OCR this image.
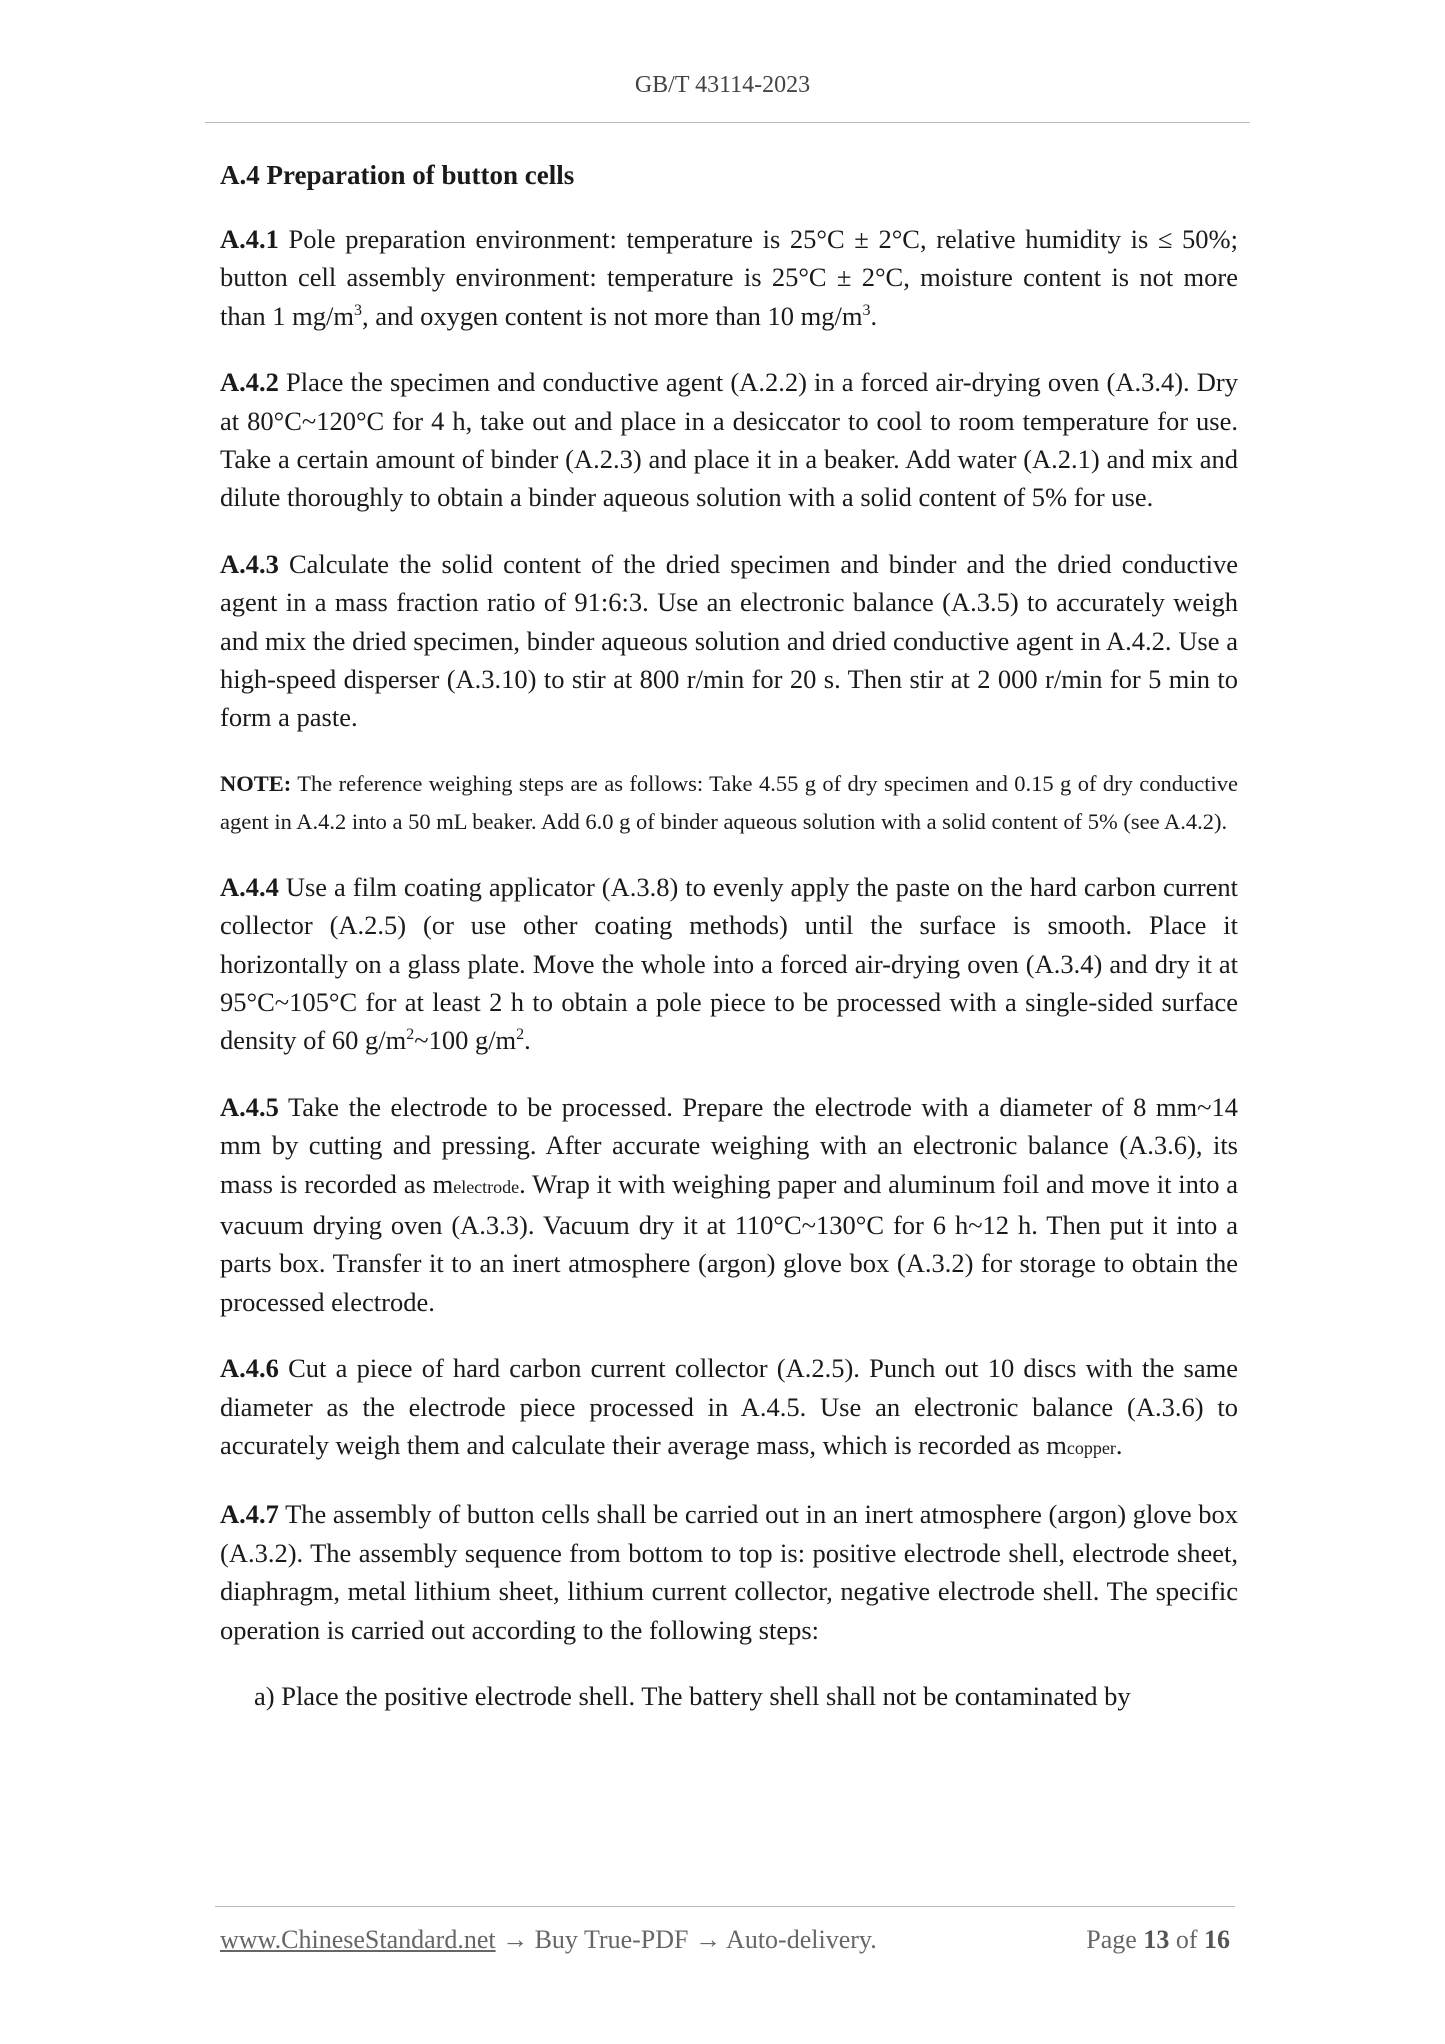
GB/T 43114-2023
A.4 Preparation of button cells

A.4.1 Pole preparation environment: temperature is 25°C ± 2°C, relative humidity is ≤ 50%; button cell assembly environment: temperature is 25°C ± 2°C, moisture content is not more than 1 $mg/m^3$, and oxygen content is not more than 10 $mg/m^3$.

A.4.2 Place the specimen and conductive agent (A.2.2) in a forced air-drying oven (A.3.4). Dry at 80°C~120°C for 4 h, take out and place in a desiccator to cool to room temperature for use. Take a certain amount of binder (A.2.3) and place it in a beaker. Add water (A.2.1) and mix and dilute thoroughly to obtain a binder aqueous solution with a solid content of 5% for use.

A.4.3 Calculate the solid content of the dried specimen and binder and the dried conductive agent in a mass fraction ratio of 91:6:3. Use an electronic balance (A.3.5) to accurately weigh and mix the dried specimen, binder aqueous solution and dried conductive agent in A.4.2. Use a high-speed disperser (A.3.10) to stir at 800 r/min for 20 s. Then stir at 2 000 r/min for 5 min to form a paste.

NOTE: The reference weighing steps are as follows: Take 4.55 g of dry specimen and 0.15 g of dry conductive agent in A.4.2 into a 50 mL beaker. Add 6.0 g of binder aqueous solution with a solid content of 5% (see A.4.2).

A.4.4 Use a film coating applicator (A.3.8) to evenly apply the paste on the hard carbon current collector (A.2.5) (or use other coating methods) until the surface is smooth. Place it horizontally on a glass plate. Move the whole into a forced air-drying oven (A.3.4) and dry it at 95°C~105°C for at least 2 h to obtain a pole piece to be processed with a single-sided surface density of 60 $g/m^2\sim 100$ $g/m^2$.

A.4.5 Take the electrode to be processed. Prepare the electrode with a diameter of 8 mm~14 mm by cutting and pressing. After accurate weighing with an electronic balance (A.3.6), its mass is recorded as melectrode. Wrap it with weighing paper and aluminum foil and move it into a vacuum drying oven (A.3.3). Vacuum dry it at 110°C~130°C for 6 h~12 h. Then put it into a parts box. Transfer it to an inert atmosphere (argon) glove box (A.3.2) for storage to obtain the processed electrode.

A.4.6 Cut a piece of hard carbon current collector (A.2.5). Punch out 10 discs with the same diameter as the electrode piece processed in A.4.5. Use an electronic balance (A.3.6) to accurately weigh them and calculate their average mass, which is recorded as mcopper.

A.4.7 The assembly of button cells shall be carried out in an inert atmosphere (argon) glove box (A.3.2). The assembly sequence from bottom to top is: positive electrode shell, electrode sheet, diaphragm, metal lithium sheet, lithium current collector, negative electrode shell. The specific operation is carried out according to the following steps:

a) Place the positive electrode shell. The battery shell shall not be contaminated by

www.ChineseStandard.net → Buy True-PDF → Auto-delivery.	Page 13 of 16
